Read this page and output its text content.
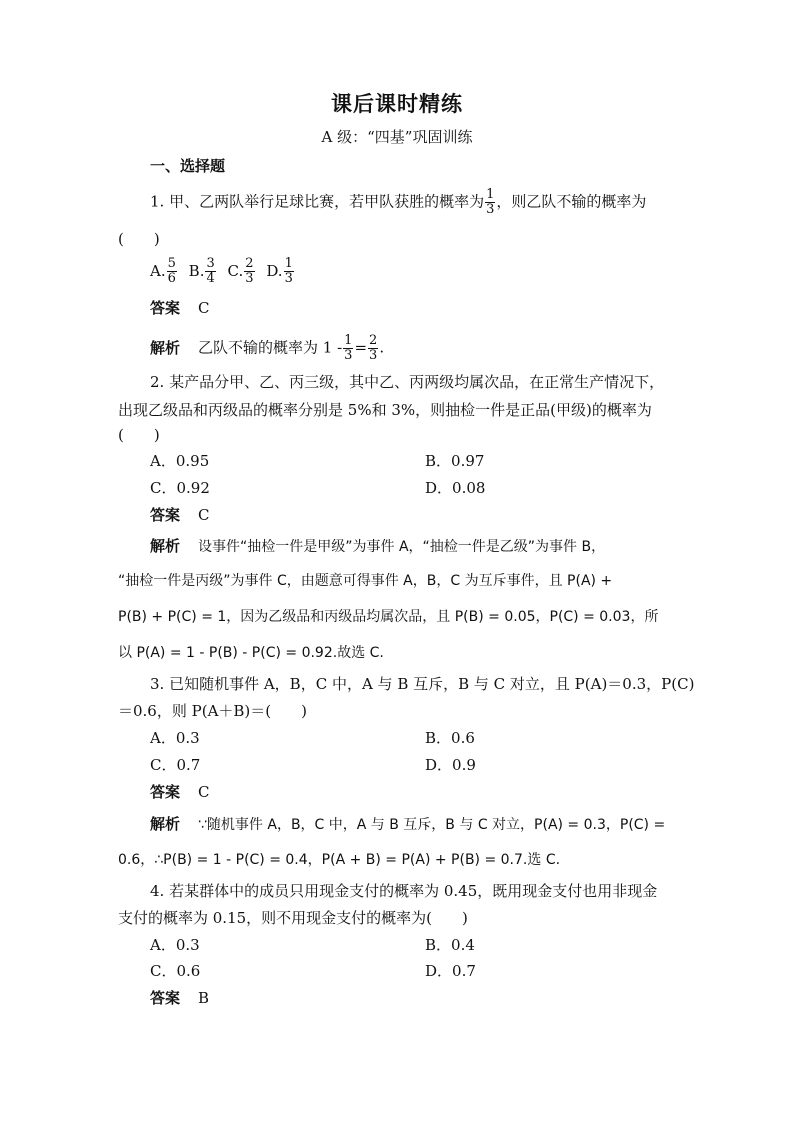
课后课时精练
A 级：“四基”巩固训练
一、选择题
1. 甲、乙两队举行足球比赛，若甲队获胜的概率为 $\frac{1}{3}$ ，则乙队不输的概率为
(　　)
A. $\frac{5}{6} B$. $\frac{3}{4} C$. $\frac{2}{3} D$. $\frac{1}{3}$
答案 C
解析 乙队不输的概率为 $1 - \frac{1}{3} = \frac{2}{3}$ .
2. 某产品分甲、乙、丙三级，其中乙、丙两级均属次品，在正常生产情况下，
出现乙级品和丙级品的概率分别是 5%和 3%，则抽检一件是正品(甲级)的概率为
(　　)
A．0.95	B．0.97
C．0.92	D．0.08
答案 C
解析 设事件“抽检一件是甲级”为事件 A，“抽检一件是乙级”为事件 B，
“抽检一件是丙级”为事件 C，由题意可得事件 A，B，C 为互斥事件，且 P(A) +
P(B) + P(C) = 1，因为乙级品和丙级品均属次品，且 P(B) = 0.05，P(C) = 0.03，所
以 P(A) = 1 - P(B) - P(C) = 0.92.故选 C.
3. 已知随机事件 A，B，C 中，A 与 B 互斥，B 与 C 对立，且 P(A)＝0.3，P(C)
＝0.6，则 P(A＋B)＝(　　)
A．0.3	B．0.6
C．0.7	D．0.9
答案 C
解析 ∵随机事件 A，B，C 中，A 与 B 互斥，B 与 C 对立，P(A) = 0.3，P(C) =
0.6，∴P(B) = 1 - P(C) = 0.4，P(A + B) = P(A) + P(B) = 0.7.选 C.
4. 若某群体中的成员只用现金支付的概率为 0.45，既用现金支付也用非现金
支付的概率为 0.15，则不用现金支付的概率为(　　)
A．0.3	B．0.4
C．0.6	D．0.7
答案 B
